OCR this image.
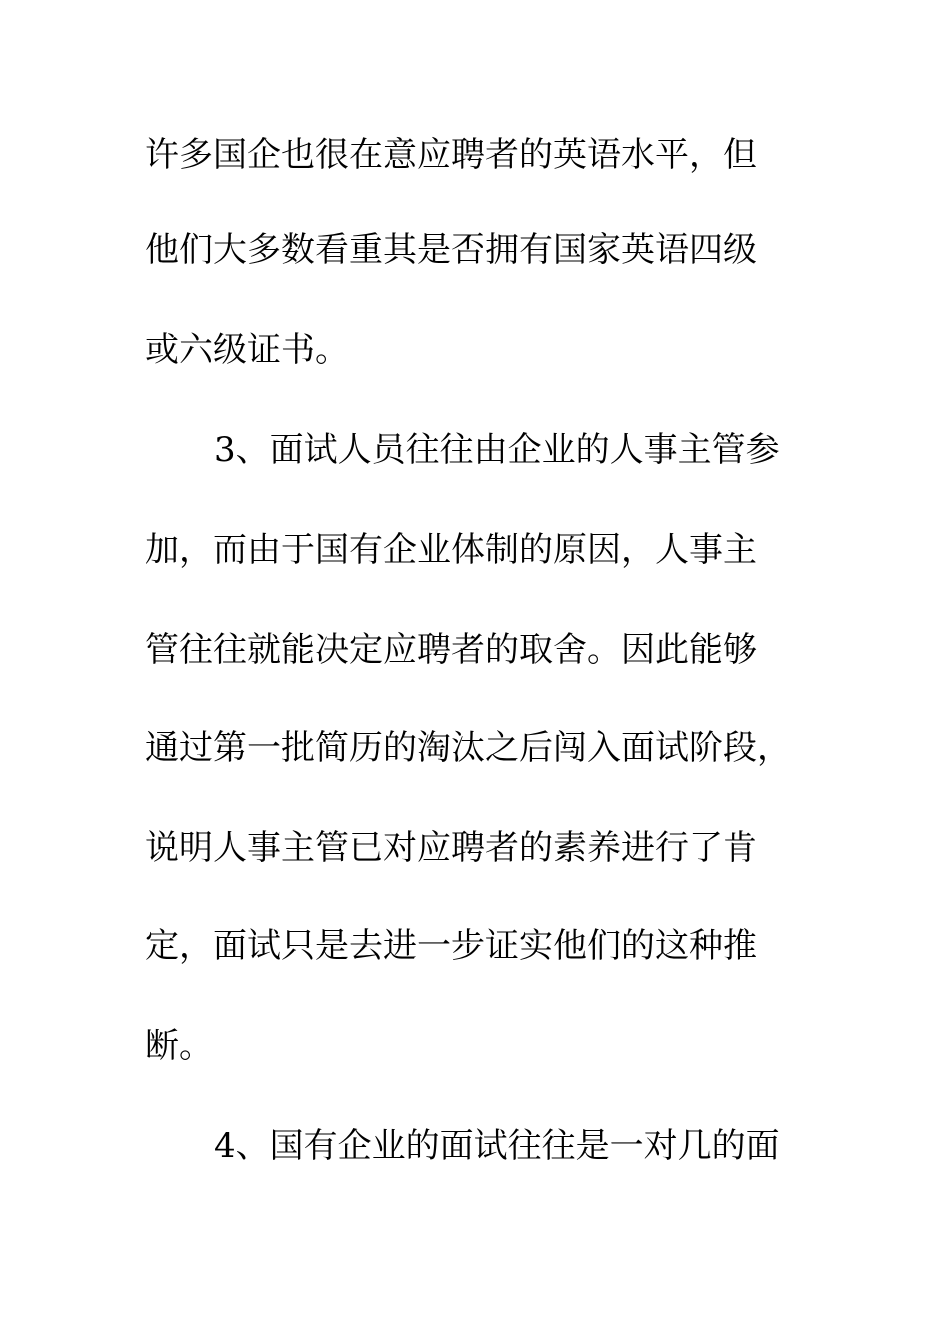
许多国企也很在意应聘者的英语水平，但
他们大多数看重其是否拥有国家英语四级
或六级证书。
3、面试人员往往由企业的人事主管参
加，而由于国有企业体制的原因，人事主
管往往就能决定应聘者的取舍。因此能够
通过第一批简历的淘汰之后闯入面试阶段，
说明人事主管已对应聘者的素养进行了肯
定，面试只是去进一步证实他们的这种推
断。
4、国有企业的面试往往是一对几的面
